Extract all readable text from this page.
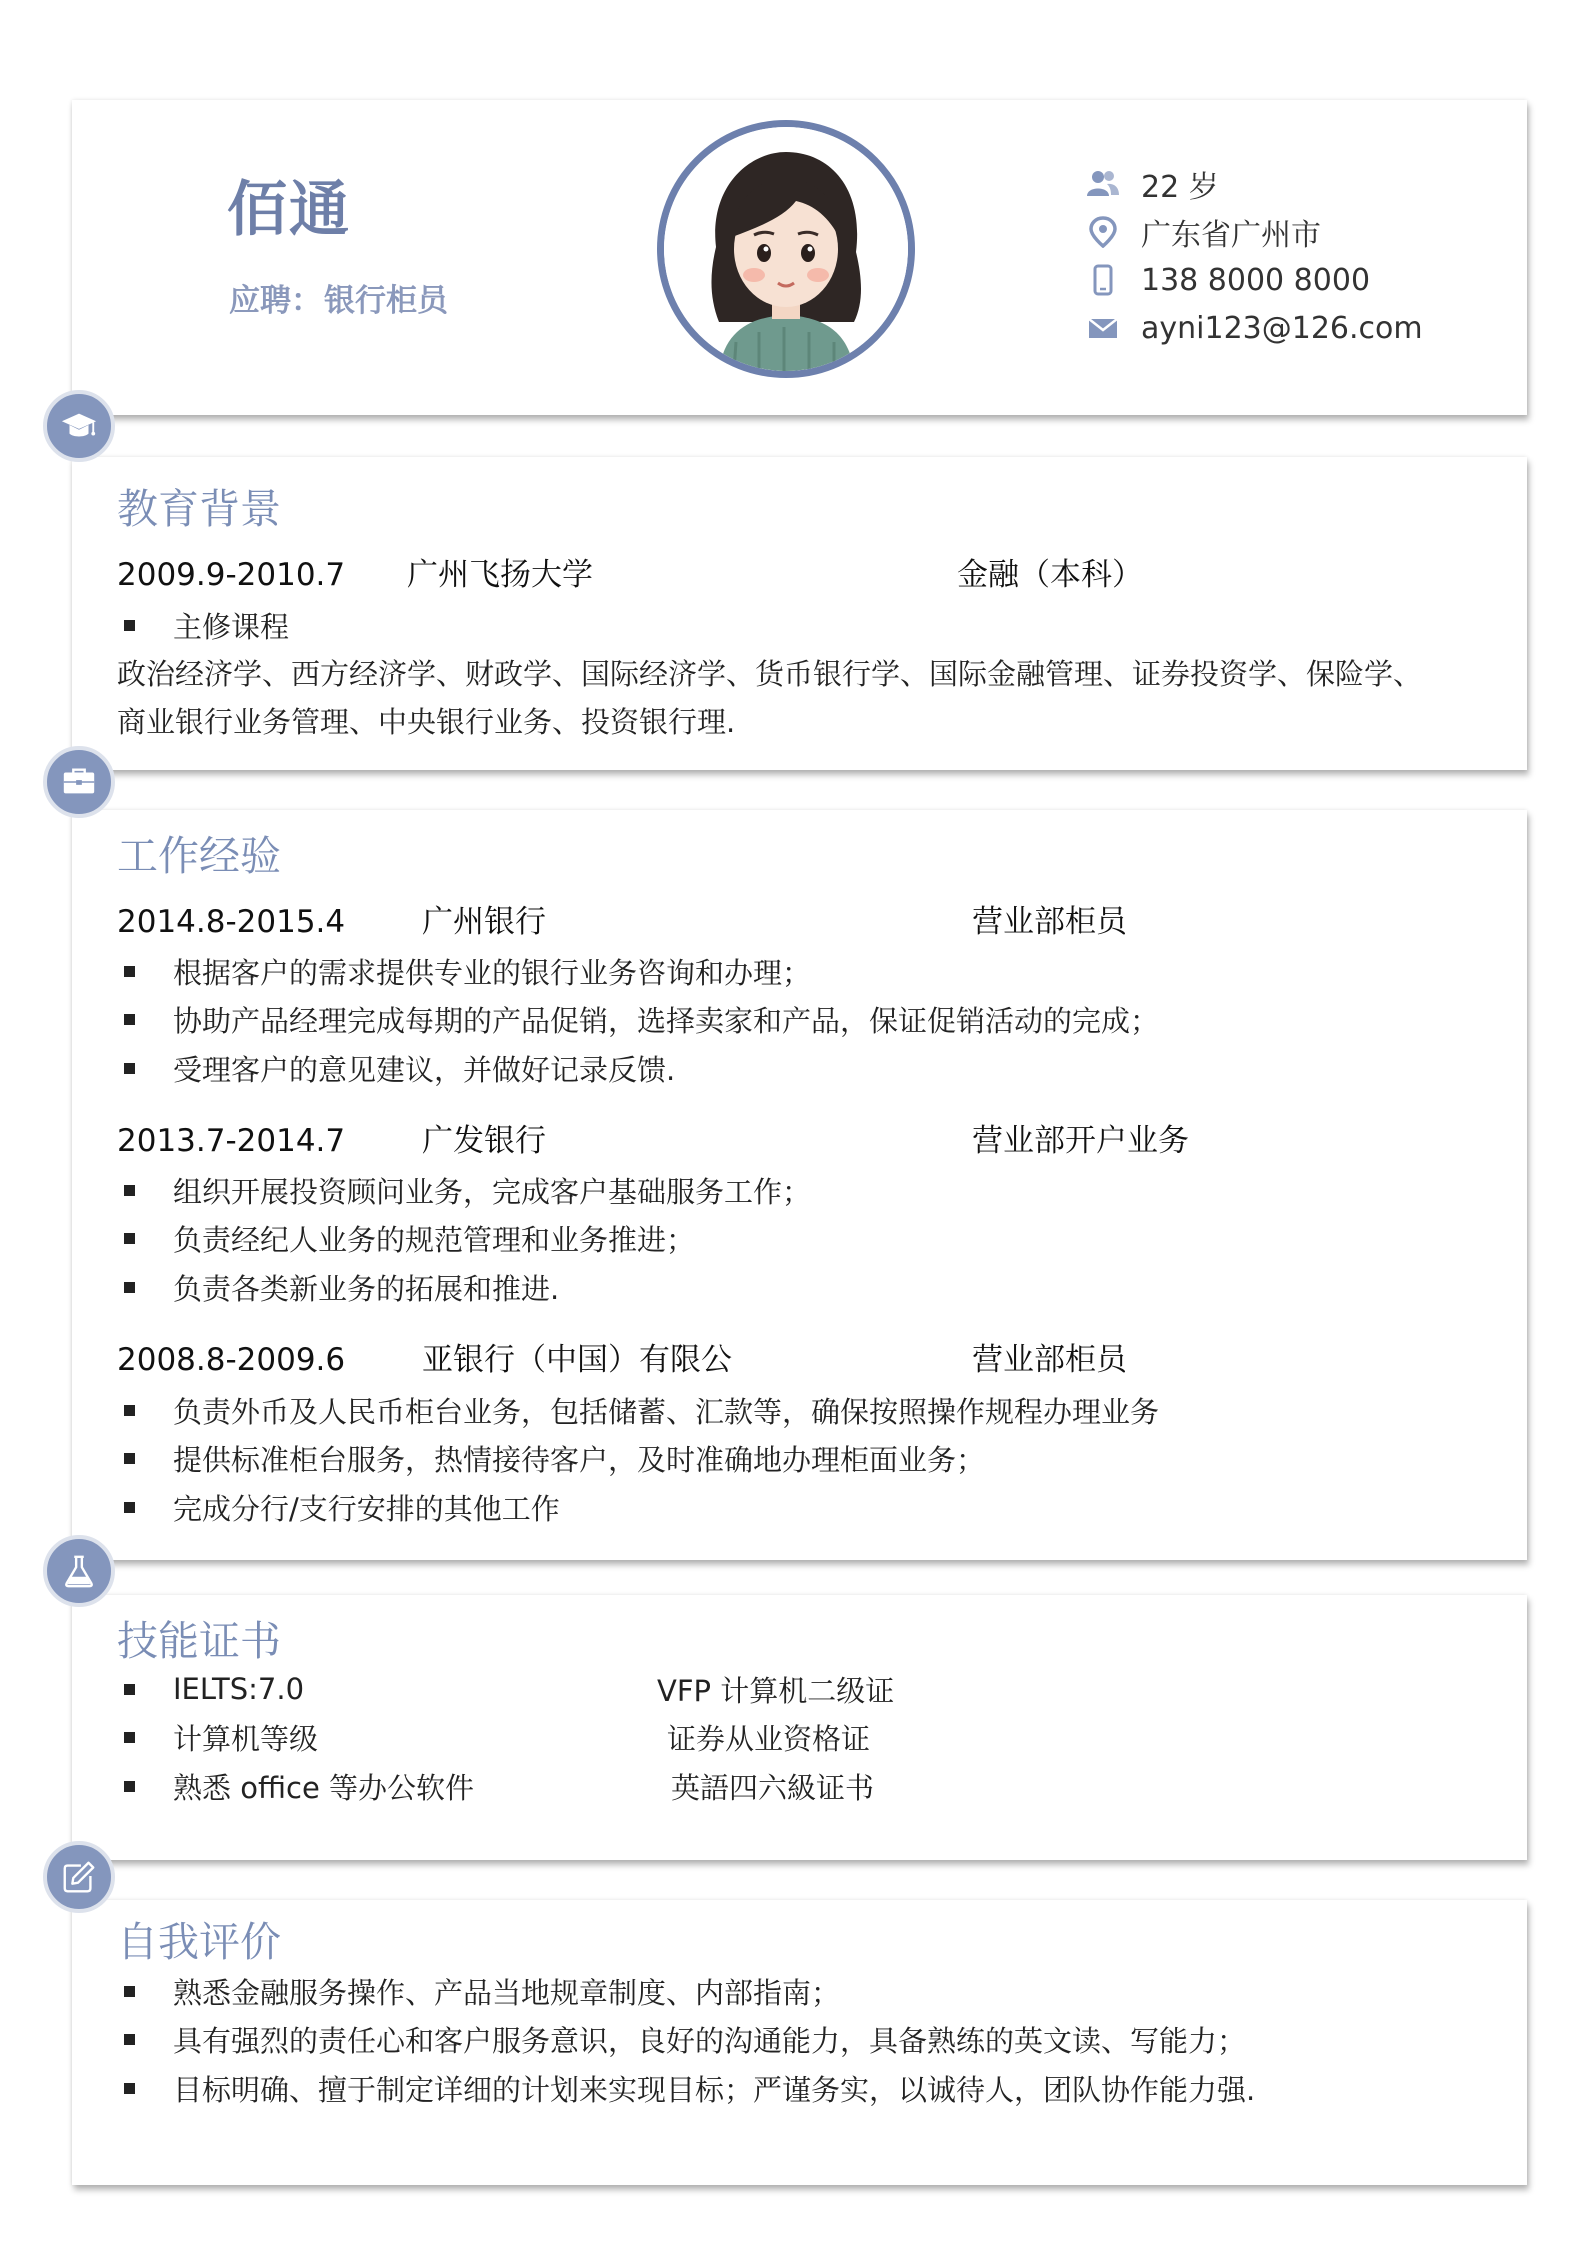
佰通
应聘：银行柜员
22 岁
广东省广州市
138 8000 8000
ayni123@126.com
教育背景
2009.9-2010.7 广州飞扬大学	金融（本科）
主修课程
政治经济学、西方经济学、财政学、国际经济学、货币银行学、国际金融管理、证券投资学、保险学、
商业银行业务管理、中央银行业务、投资银行理.
工作经验
2014.8-2015.4 广州银行	营业部柜员
根据客户的需求提供专业的银行业务咨询和办理；
协助产品经理完成每期的产品促销，选择卖家和产品，保证促销活动的完成；
受理客户的意见建议，并做好记录反馈.
2013.7-2014.7 广发银行	营业部开户业务
组织开展投资顾问业务，完成客户基础服务工作；
负责经纪人业务的规范管理和业务推进；
负责各类新业务的拓展和推进.
2008.8-2009.6 亚银行（中国）有限公	营业部柜员
负责外币及人民币柜台业务，包括储蓄、汇款等，确保按照操作规程办理业务
提供标准柜台服务，热情接待客户，及时准确地办理柜面业务；
完成分行/支行安排的其他工作
技能证书
IELTS:7.0	VFP 计算机二级证
计算机等级	证券从业资格证
熟悉 office 等办公软件	英語四六級证书
自我评价
熟悉金融服务操作、产品当地规章制度、内部指南；
具有强烈的责任心和客户服务意识，良好的沟通能力，具备熟练的英文读、写能力；
目标明确、擅于制定详细的计划来实现目标；严谨务实，以诚待人，团队协作能力强.
